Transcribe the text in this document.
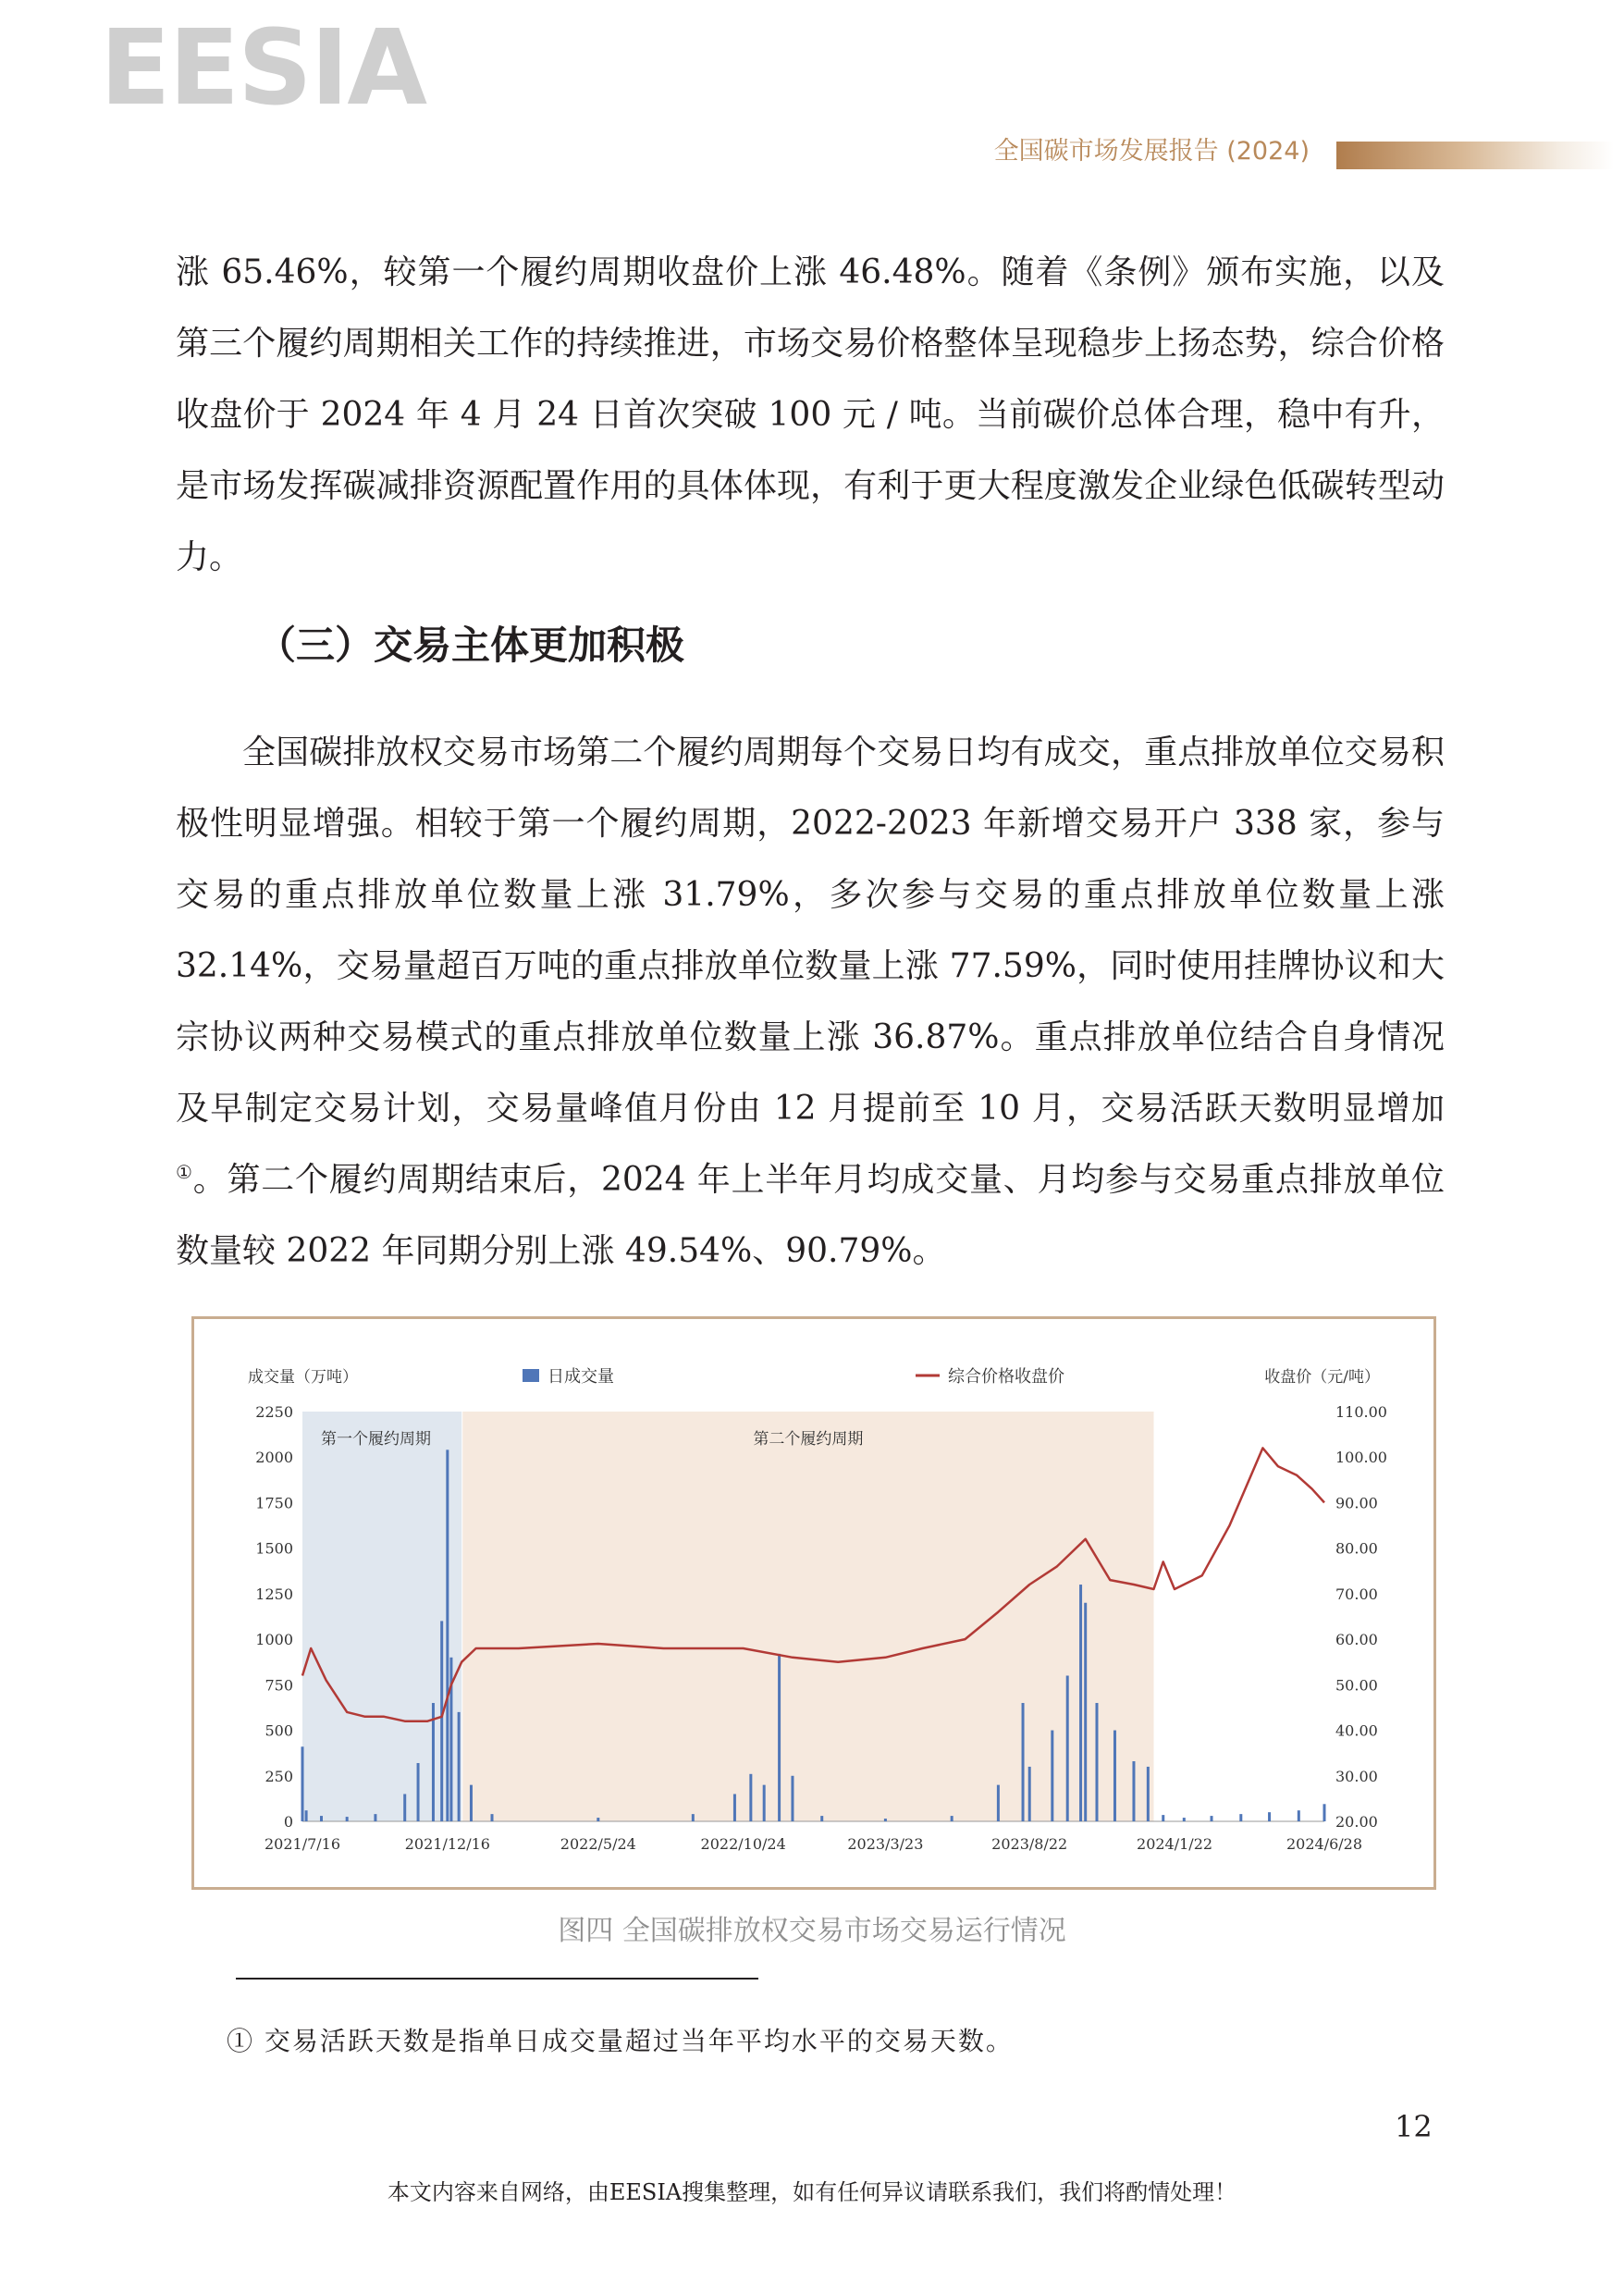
EESIA
全国碳市场发展报告 (2024)

涨 65.46%，较第一个履约周期收盘价上涨 46.48%。随着《条例》颁布实施，以及第三个履约周期相关工作的持续推进，市场交易价格整体呈现稳步上扬态势，综合价格收盘价于 2024 年 4 月 24 日首次突破 100 元 / 吨。当前碳价总体合理，稳中有升，是市场发挥碳减排资源配置作用的具体体现，有利于更大程度激发企业绿色低碳转型动力。

（三）交易主体更加积极

全国碳排放权交易市场第二个履约周期每个交易日均有成交，重点排放单位交易积极性明显增强。相较于第一个履约周期，2022-2023 年新增交易开户 338 家，参与交易的重点排放单位数量上涨 31.79%，多次参与交易的重点排放单位数量上涨 32.14%，交易量超百万吨的重点排放单位数量上涨 77.59%，同时使用挂牌协议和大宗协议两种交易模式的重点排放单位数量上涨 36.87%。重点排放单位结合自身情况及早制定交易计划，交易量峰值月份由 12 月提前至 10 月，交易活跃天数明显增加①。第二个履约周期结束后，2024 年上半年月均成交量、月均参与交易重点排放单位数量较 2022 年同期分别上涨 49.54%、90.79%。

第一个履约周期	第二个履约周期
2250
2000
1750
1500
1250
1000
750
500
250
0
110.00
100.00
90.00
80.00
70.00
60.00
50.00
40.00
30.00
20.00
2021/7/16	2021/12/16	2022/5/24	2022/10/24	2023/3/23	2023/8/22	2024/1/22	2024/6/28
成交量（万吨）	收盘价（元/吨）
日成交量	综合价格收盘价

图四 全国碳排放权交易市场交易运行情况

① 交易活跃天数是指单日成交量超过当年平均水平的交易天数。

12
本文内容来自网络，由EESIA搜集整理，如有任何异议请联系我们，我们将酌情处理！
